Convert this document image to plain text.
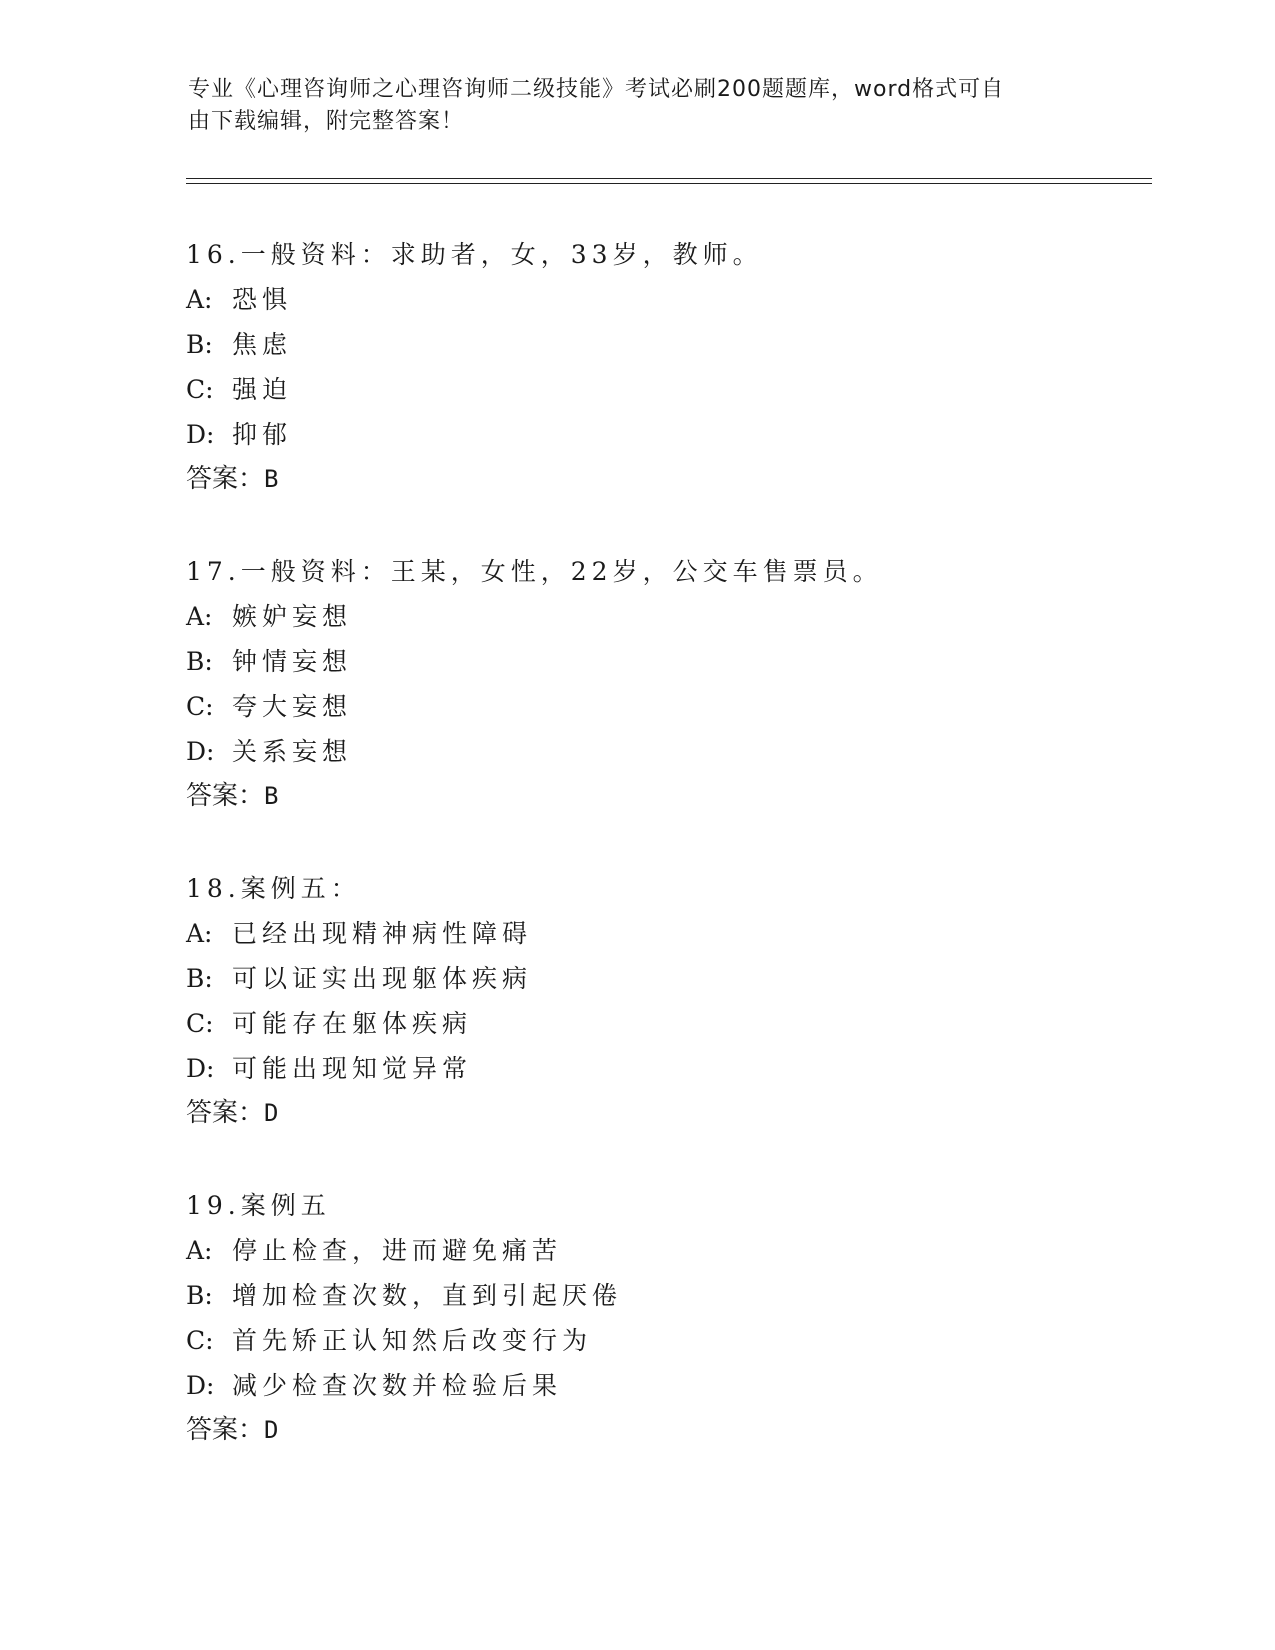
专业《心理咨询师之心理咨询师二级技能》考试必刷200题题库，word格式可自
由下载编辑，附完整答案！
16.一般资料：求助者，女，33岁，教师。
A: 恐惧
B: 焦虑
C: 强迫
D: 抑郁
答案：B
17.一般资料：王某，女性，22岁，公交车售票员。
A: 嫉妒妄想
B: 钟情妄想
C: 夸大妄想
D: 关系妄想
答案：B
18.案例五：
A: 已经出现精神病性障碍
B: 可以证实出现躯体疾病
C: 可能存在躯体疾病
D: 可能出现知觉异常
答案：D
19.案例五
A: 停止检查，进而避免痛苦
B: 增加检查次数，直到引起厌倦
C: 首先矫正认知然后改变行为
D: 减少检查次数并检验后果
答案：D
